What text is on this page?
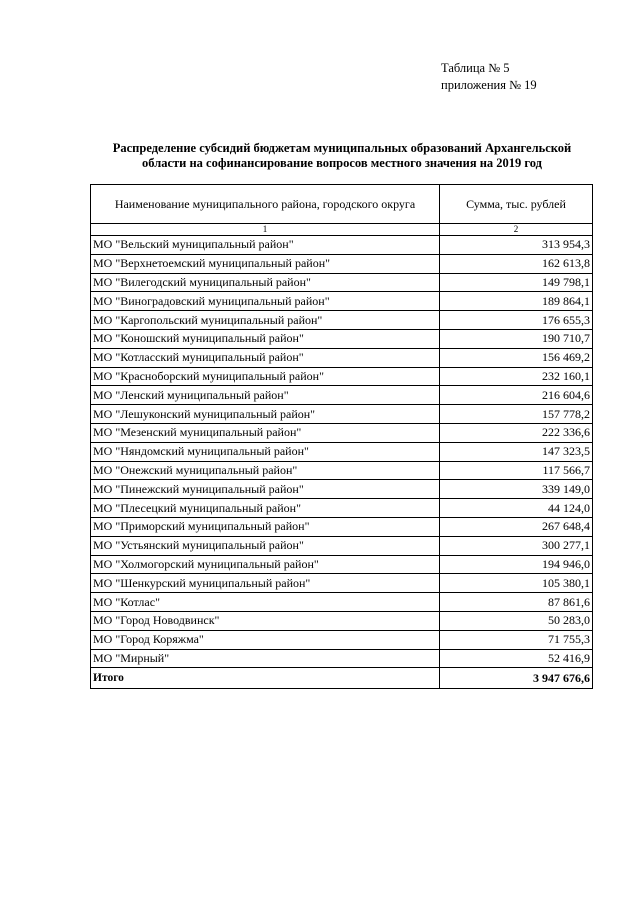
Таблица № 5
приложения № 19
Распределение субсидий бюджетам муниципальных образований Архангельской
области на софинансирование вопросов местного значения на 2019 год
Наименование муниципального района, городского округа	Сумма, тыс. рублей
1	2
МО "Вельский муниципальный район"	313 954,3
МО "Верхнетоемский муниципальный район"	162 613,8
МО "Вилегодский муниципальный район"	149 798,1
МО "Виноградовский муниципальный район"	189 864,1
МО "Каргопольский муниципальный район"	176 655,3
МО "Коношский муниципальный район"	190 710,7
МО "Котласский муниципальный район"	156 469,2
МО "Красноборский муниципальный район"	232 160,1
МО "Ленский муниципальный район"	216 604,6
МО "Лешуконский муниципальный район"	157 778,2
МО "Мезенский муниципальный район"	222 336,6
МО "Няндомский муниципальный район"	147 323,5
МО "Онежский муниципальный район"	117 566,7
МО "Пинежский муниципальный район"	339 149,0
МО "Плесецкий муниципальный район"	44 124,0
МО "Приморский муниципальный район"	267 648,4
МО "Устьянский муниципальный район"	300 277,1
МО "Холмогорский муниципальный район"	194 946,0
МО "Шенкурский муниципальный район"	105 380,1
МО "Котлас"	87 861,6
МО "Город Новодвинск"	50 283,0
МО "Город Коряжма"	71 755,3
МО "Мирный"	52 416,9
Итого	3 947 676,6
